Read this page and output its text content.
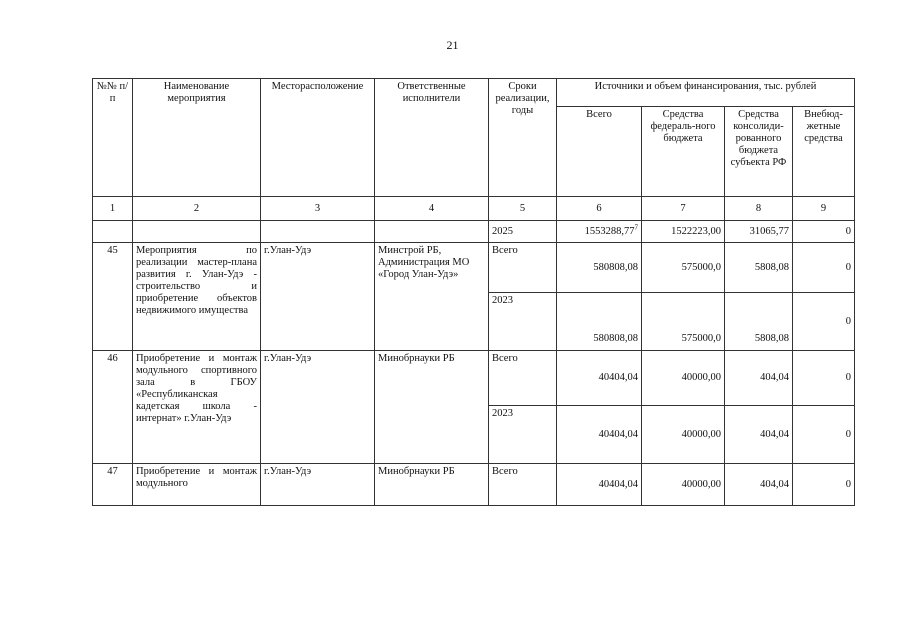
21
№№ п/п	Наименование мероприятия	Месторасположение	Ответственные исполнители	Сроки реализации, годы	Источники и объем финансирования, тыс. рублей			
					Всего	Средства федераль-ного бюджета	Средства консолиди-рованного бюджета субъекта РФ	Внебюд-жетные средства
1	2	3	4	5	6	7	8	9
				2025	1553288,77$^7$	1522223,00	31065,77	0
45	Мероприятия по реализации мастер-плана развития г. Улан-Удэ - строительство и приобретение объектов недвижимого имущества	г.Улан-Удэ	Минстрой РБ, Администрация МО «Город Улан-Удэ»	Всего	580808,08	575000,0	5808,08	0
				2023	580808,08	575000,0	5808,08	0
46	Приобретение и монтаж модульного спортивного зала в ГБОУ «Республиканская кадетская школа - интернат» г.Улан-Удэ	г.Улан-Удэ	Минобрнауки РБ	Всего	40404,04	40000,00	404,04	0
				2023	40404,04	40000,00	404,04	0
47	Приобретение и монтаж модульного	г.Улан-Удэ	Минобрнауки РБ	Всего	40404,04	40000,00	404,04	0
